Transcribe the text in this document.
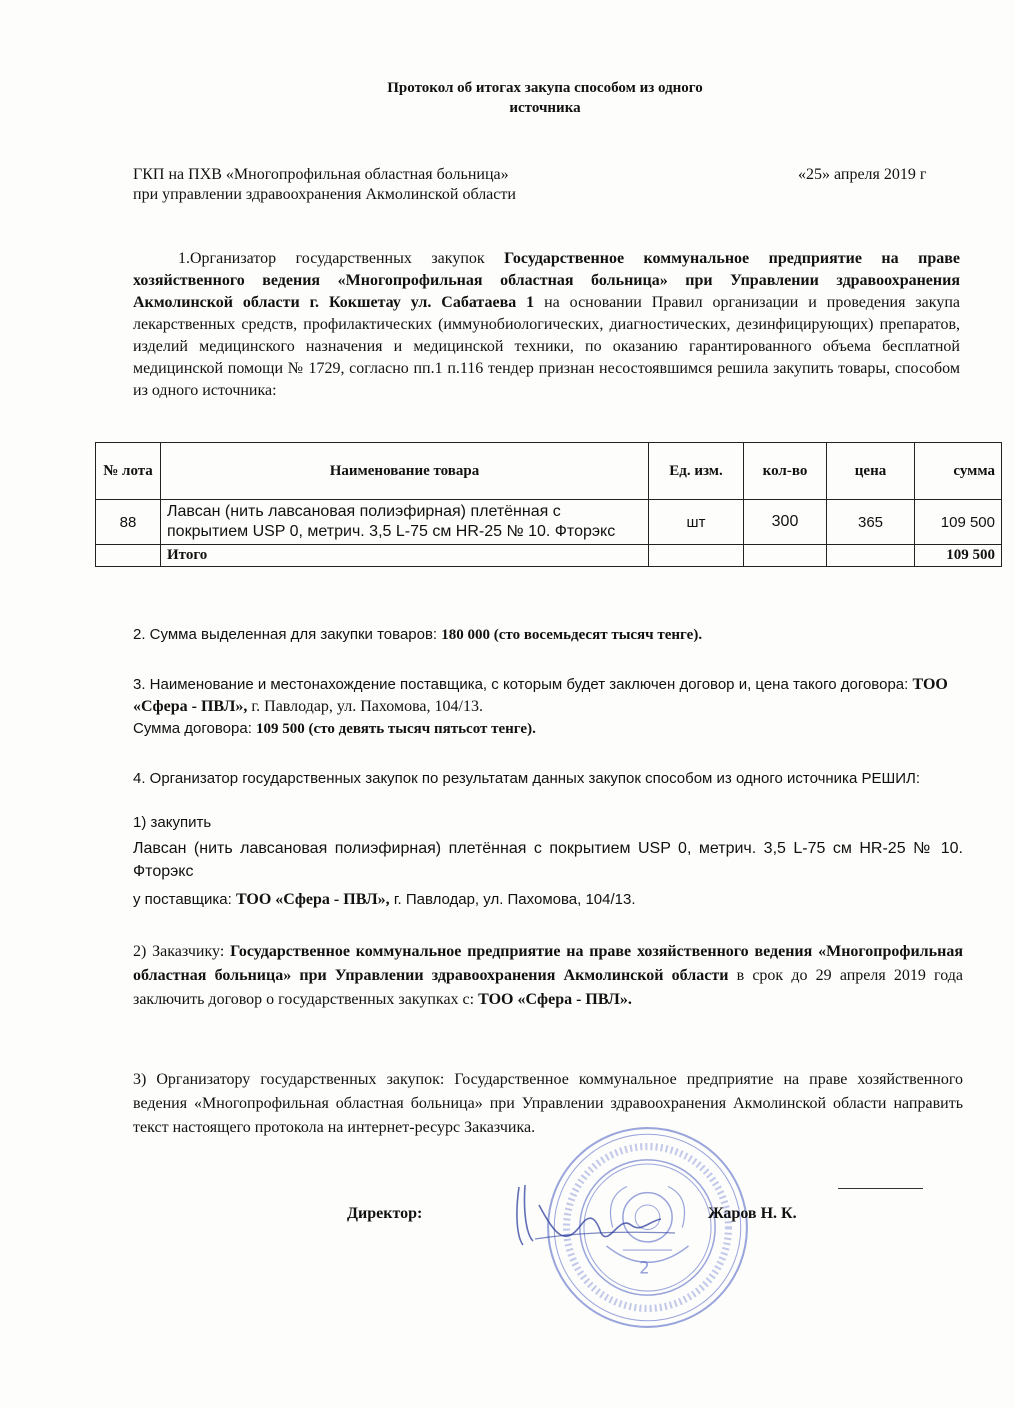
Протокол об итогах закупа способом из одного
источника
ГКП на ПХВ «Многопрофильная областная больница»
при управлении здравоохранения Акмолинской области
«25» апреля 2019 г

1.Организатор государственных закупок Государственное коммунальное предприятие на праве хозяйственного ведения «Многопрофильная областная больница» при Управлении здравоохранения Акмолинской области г. Кокшетау ул. Сабатаева 1 на основании Правил организации и проведения закупа лекарственных средств, профилактических (иммунобиологических, диагностических, дезинфицирующих) препаратов, изделий медицинского назначения и медицинской техники, по оказанию гарантированного объема бесплатной медицинской помощи № 1729, согласно пп.1 п.116 тендер признан несостоявшимся решила закупить товары, способом из одного источника:

№ лота	Наименование товара	Ед. изм.	кол-во	цена	сумма
88	Лавсан (нить лавсановая полиэфирная) плетённая с покрытием USP 0, метрич. 3,5 L-75 см HR-25 № 10. Фторэкс	шт	300	365	109 500
	Итого				109 500

2. Сумма выделенная для закупки товаров: 180 000 (сто восемьдесят тысяч тенге).

3. Наименование и местонахождение поставщика, с которым будет заключен договор и, цена такого договора: ТОО «Сфера - ПВЛ», г. Павлодар, ул. Пахомова, 104/13.
Сумма договора: 109 500 (сто девять тысяч пятьсот тенге).

4. Организатор государственных закупок по результатам данных закупок способом из одного источника РЕШИЛ:

1) закупить
Лавсан (нить лавсановая полиэфирная) плетённая с покрытием USP 0, метрич. 3,5 L-75 см HR-25 № 10. Фторэкс
у поставщика: ТОО «Сфера - ПВЛ», г. Павлодар, ул. Пахомова, 104/13.

2) Заказчику: Государственное коммунальное предприятие на праве хозяйственного ведения «Многопрофильная областная больница» при Управлении здравоохранения Акмолинской области в срок до 29 апреля 2019 года заключить договор о государственных закупках с: ТОО «Сфера - ПВЛ».

3) Организатору государственных закупок: Государственное коммунальное предприятие на праве хозяйственного ведения «Многопрофильная областная больница» при Управлении здравоохранения Акмолинской области направить текст настоящего протокола на интернет-ресурс Заказчика.

2
Директор:	Жаров Н. К.
